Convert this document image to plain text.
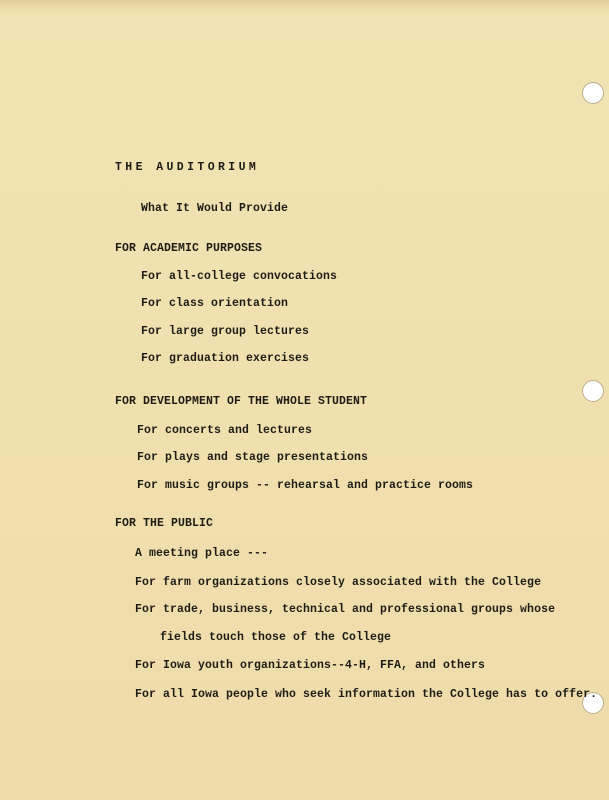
THE AUDITORIUM
What It Would Provide
FOR ACADEMIC PURPOSES
For all-college convocations
For class orientation
For large group lectures
For graduation exercises
FOR DEVELOPMENT OF THE WHOLE STUDENT
For concerts and lectures
For plays and stage presentations
For music groups -- rehearsal and practice rooms
FOR THE PUBLIC
A meeting place ---
For farm organizations closely associated with the College
For trade, business, technical and professional groups whose
fields touch those of the College
For Iowa youth organizations--4-H, FFA, and others
For all Iowa people who seek information the College has to offer.
